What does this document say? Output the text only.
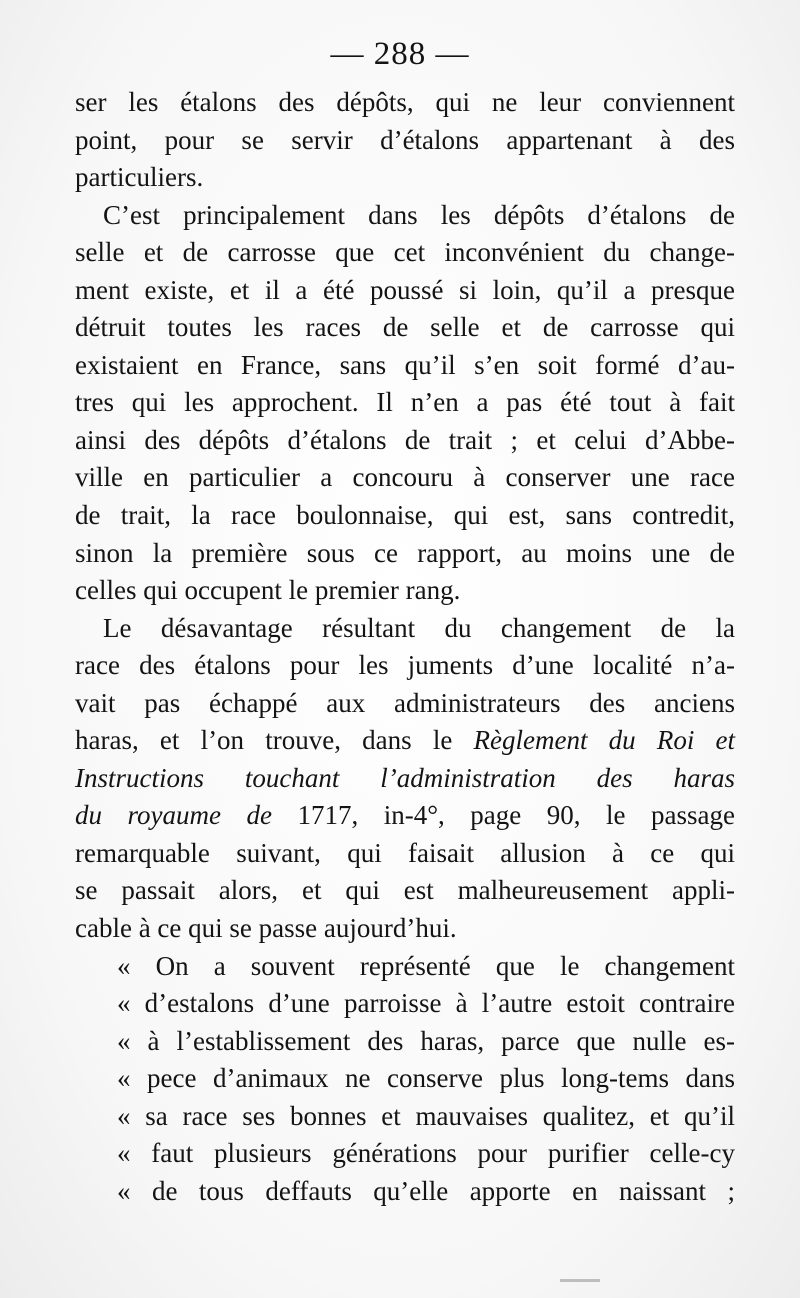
— 288 —
ser les étalons des dépôts, qui ne leur conviennent
point, pour se servir d’étalons appartenant à des
particuliers.
C’est principalement dans les dépôts d’étalons de
selle et de carrosse que cet inconvénient du change-
ment existe, et il a été poussé si loin, qu’il a presque
détruit toutes les races de selle et de carrosse qui
existaient en France, sans qu’il s’en soit formé d’au-
tres qui les approchent. Il n’en a pas été tout à fait
ainsi des dépôts d’étalons de trait ; et celui d’Abbe-
ville en particulier a concouru à conserver une race
de trait, la race boulonnaise, qui est, sans contredit,
sinon la première sous ce rapport, au moins une de
celles qui occupent le premier rang.
Le désavantage résultant du changement de la
race des étalons pour les juments d’une localité n’a-
vait pas échappé aux administrateurs des anciens
haras, et l’on trouve, dans le Règlement du Roi et
Instructions touchant l’administration des haras
du royaume de 1717, in-4°, page 90, le passage
remarquable suivant, qui faisait allusion à ce qui
se passait alors, et qui est malheureusement appli-
cable à ce qui se passe aujourd’hui.
« On a souvent représenté que le changement
« d’estalons d’une parroisse à l’autre estoit contraire
« à l’establissement des haras, parce que nulle es-
« pece d’animaux ne conserve plus long-tems dans
« sa race ses bonnes et mauvaises qualitez, et qu’il
« faut plusieurs générations pour purifier celle-cy
« de tous deffauts qu’elle apporte en naissant ;
